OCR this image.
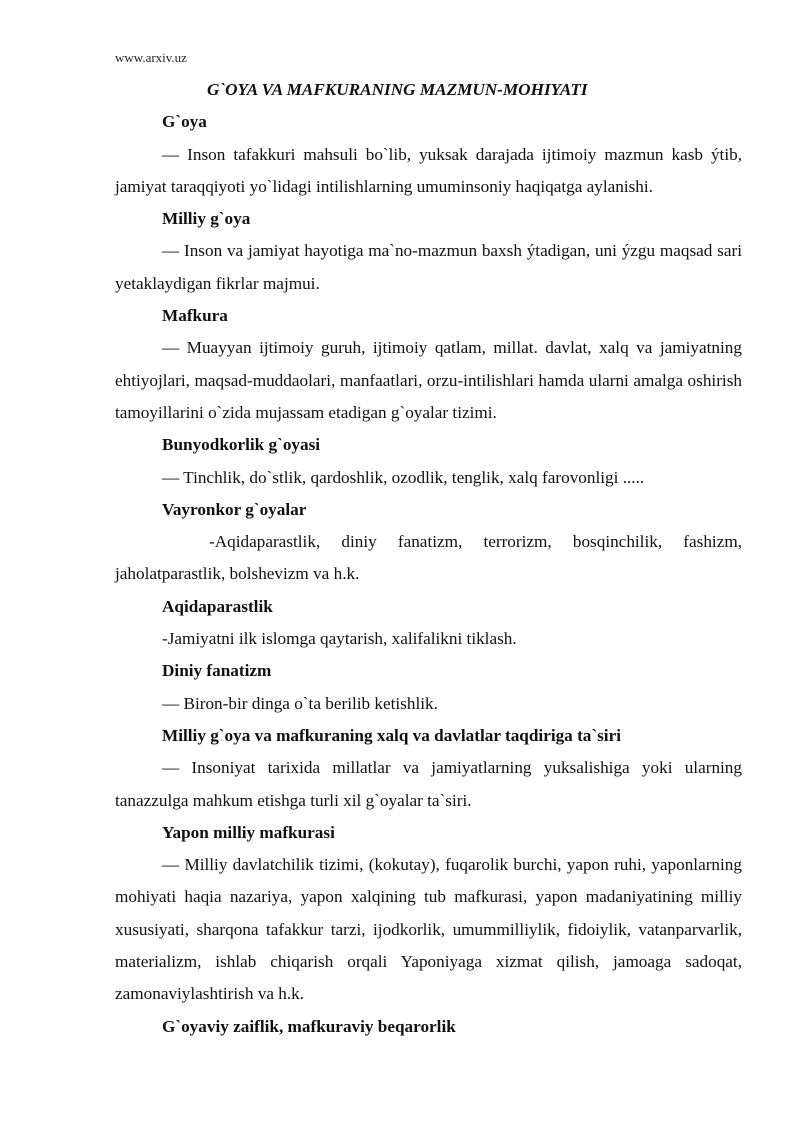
www.arxiv.uz

G`OYA VA MAFKURANING MAZMUN-MOHIYATI

G`oya

— Inson tafakkuri mahsuli bo`lib, yuksak darajada ijtimoiy mazmun kasb ýtib, jamiyat taraqqiyoti yo`lidagi intilishlarning umuminsoniy haqiqatga aylanishi.

Milliy g`oya

— Inson va jamiyat hayotiga ma`no-mazmun baxsh ýtadigan, uni ýzgu maqsad sari yetaklaydigan fikrlar majmui.

Mafkura

— Muayyan ijtimoiy guruh, ijtimoiy qatlam, millat. davlat, xalq va jamiyatning ehtiyojlari, maqsad-muddaolari, manfaatlari, orzu-intilishlari hamda ularni amalga oshirish tamoyillarini o`zida mujassam etadigan g`oyalar tizimi.

Bunyodkorlik g`oyasi

— Tinchlik, do`stlik, qardoshlik, ozodlik, tenglik, xalq farovonligi .....

Vayronkor g`oyalar

-Aqidaparastlik, diniy fanatizm, terrorizm, bosqinchilik, fashizm, jaholatparastlik, bolshevizm va h.k.

Aqidaparastlik

-Jamiyatni ilk islomga qaytarish, xalifalikni tiklash.

Diniy fanatizm

— Biron-bir dinga o`ta berilib ketishlik.

Milliy g`oya va mafkuraning xalq va davlatlar taqdiriga ta`siri

— Insoniyat tarixida millatlar va jamiyatlarning yuksalishiga yoki ularning tanazzulga mahkum etishga turli xil g`oyalar ta`siri.

Yapon milliy mafkurasi

— Milliy davlatchilik tizimi, (kokutay), fuqarolik burchi, yapon ruhi, yaponlarning mohiyati haqia nazariya, yapon xalqining tub mafkurasi, yapon madaniyatining milliy xususiyati, sharqona tafakkur tarzi, ijodkorlik, umummilliylik, fidoiylik, vatanparvarlik, materializm, ishlab chiqarish orqali Yaponiyaga xizmat qilish, jamoaga sadoqat, zamonaviylashtirish va h.k.

G`oyaviy zaiflik, mafkuraviy beqarorlik
